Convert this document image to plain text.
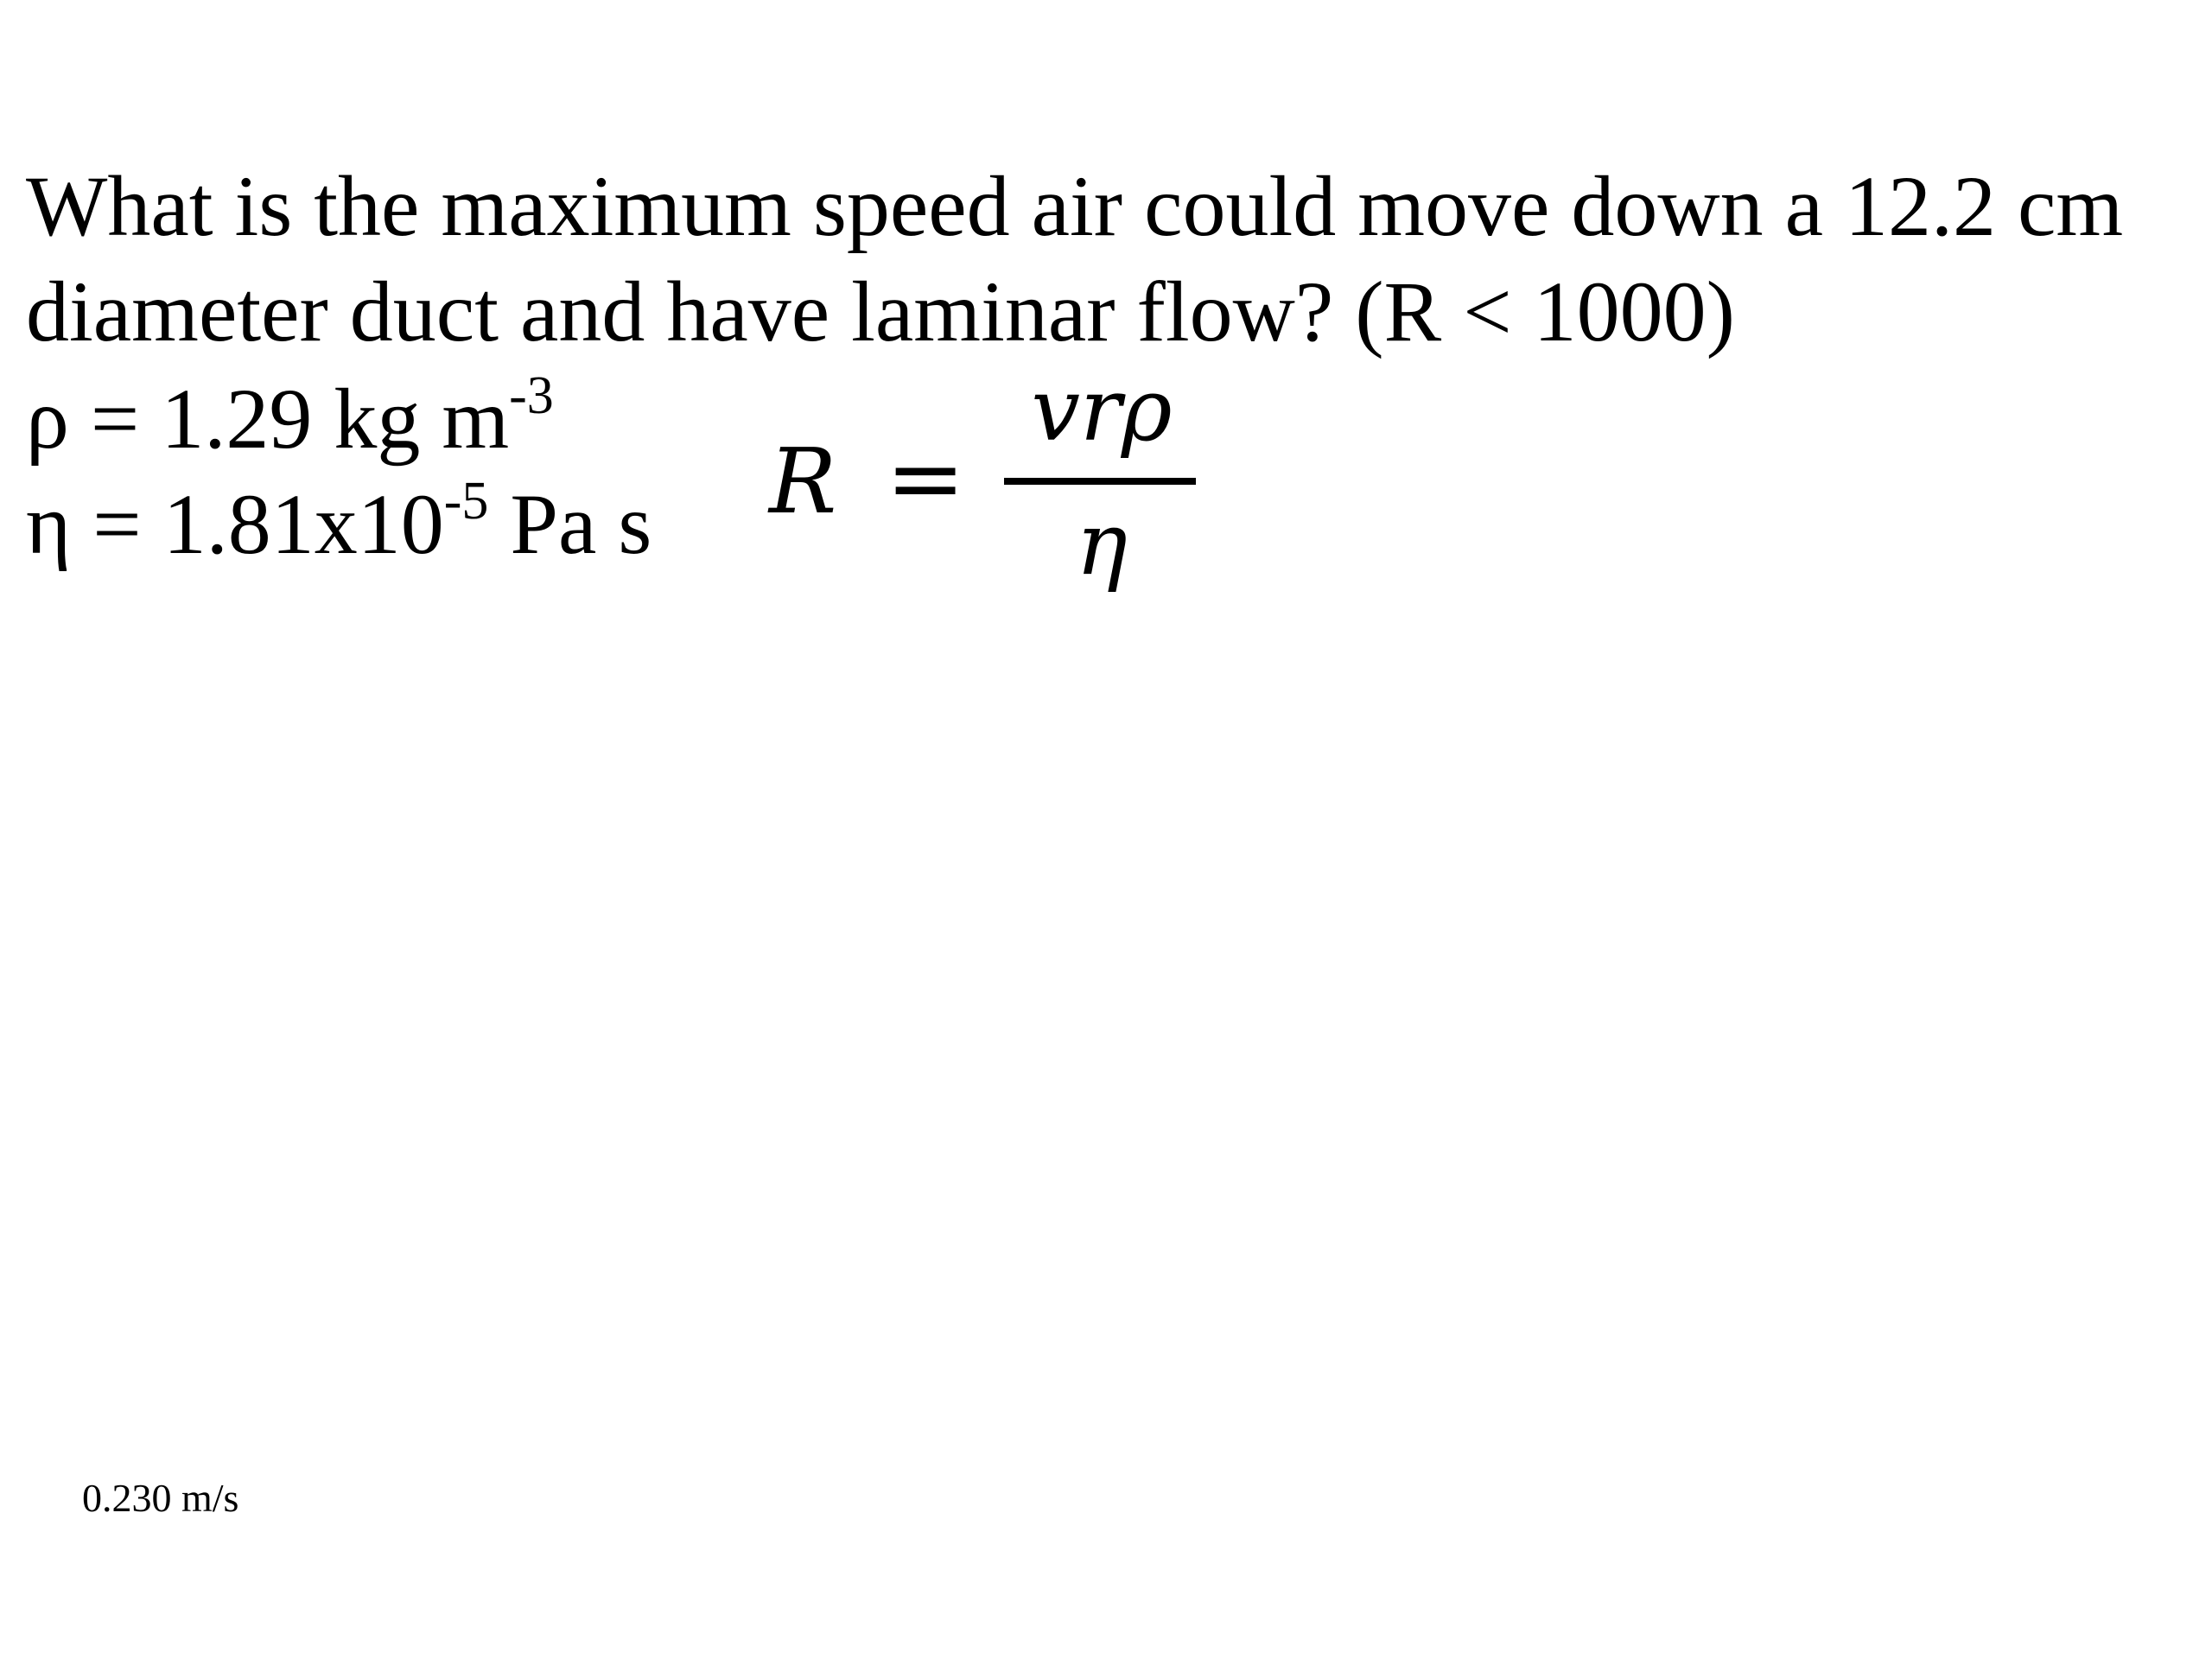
What is the maximum speed air could move down a 12.2 cm
diameter duct and have laminar flow? (R < 1000)
ρ = 1.29 kg $m^{-3}$
$\eta = 1.81x10^{-5}$ Pa s R =
vrρ
η
0.230 m/s
